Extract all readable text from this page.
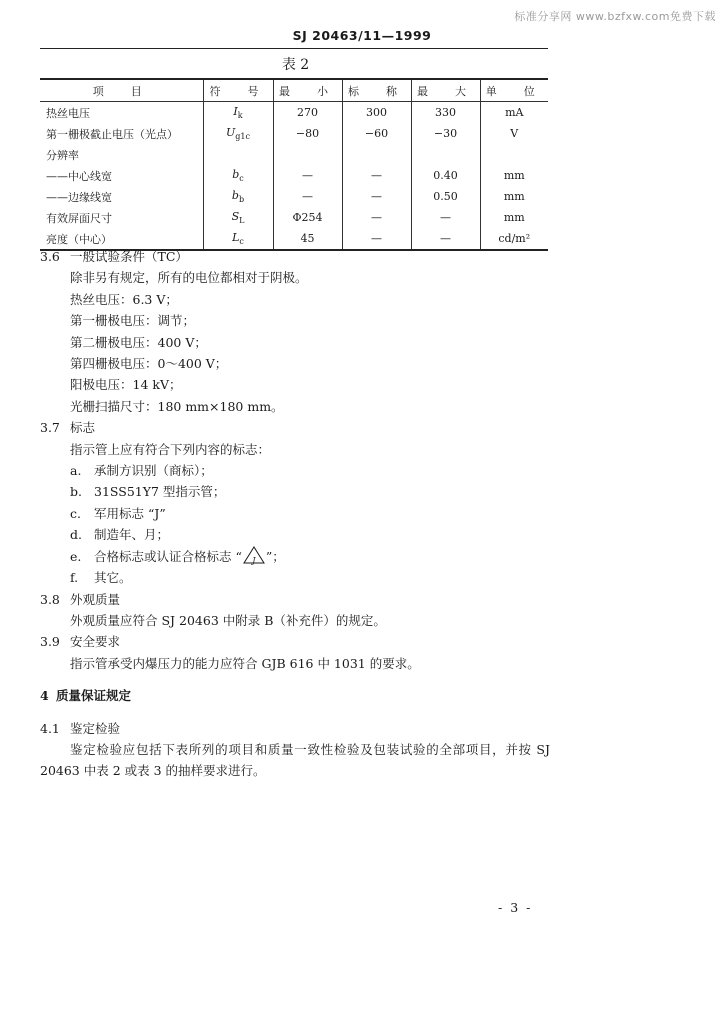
标准分享网 www.bzfxw.com免费下载
SJ 20463/11—1999
表 2
项　目	符　号	最　小	标　称	最　大	单　位
热丝电压	$I_k$	270	300	330	mA
第一栅极截止电压（光点）	$U_{g1c}$	−80	−60	−30	V
分辨率					
——中心线宽	$b_c$	—	—	0.40	mm
——边缘线宽	$b_b$	—	—	0.50	mm
有效屏面尺寸	$S_L$	Φ254	—	—	mm
亮度（中心）	$L_c$	45	—	—	cd/m²
3.6 一般试验条件（TC）
除非另有规定，所有的电位都相对于阴极。
热丝电压：6.3 V；
第一栅极电压：调节；
第二栅极电压：400 V；
第四栅极电压：0～400 V；
阳极电压：14 kV；
光栅扫描尺寸：180 mm×180 mm。
3.7 标志
指示管上应有符合下列内容的标志：
a. 承制方识别（商标）；
b. 31SS51Y7 型指示管；
c. 军用标志 “J”
d. 制造年、月；
e. 合格标志或认证合格标志 “	J ”；
f. 其它。
3.8 外观质量
外观质量应符合 SJ 20463 中附录 B（补充件）的规定。
3.9 安全要求
指示管承受内爆压力的能力应符合 GJB 616 中 1031 的要求。
4 质量保证规定
4.1 鉴定检验
鉴定检验应包括下表所列的项目和质量一致性检验及包装试验的全部项目，并按 SJ
20463 中表 2 或表 3 的抽样要求进行。
- 3 -
